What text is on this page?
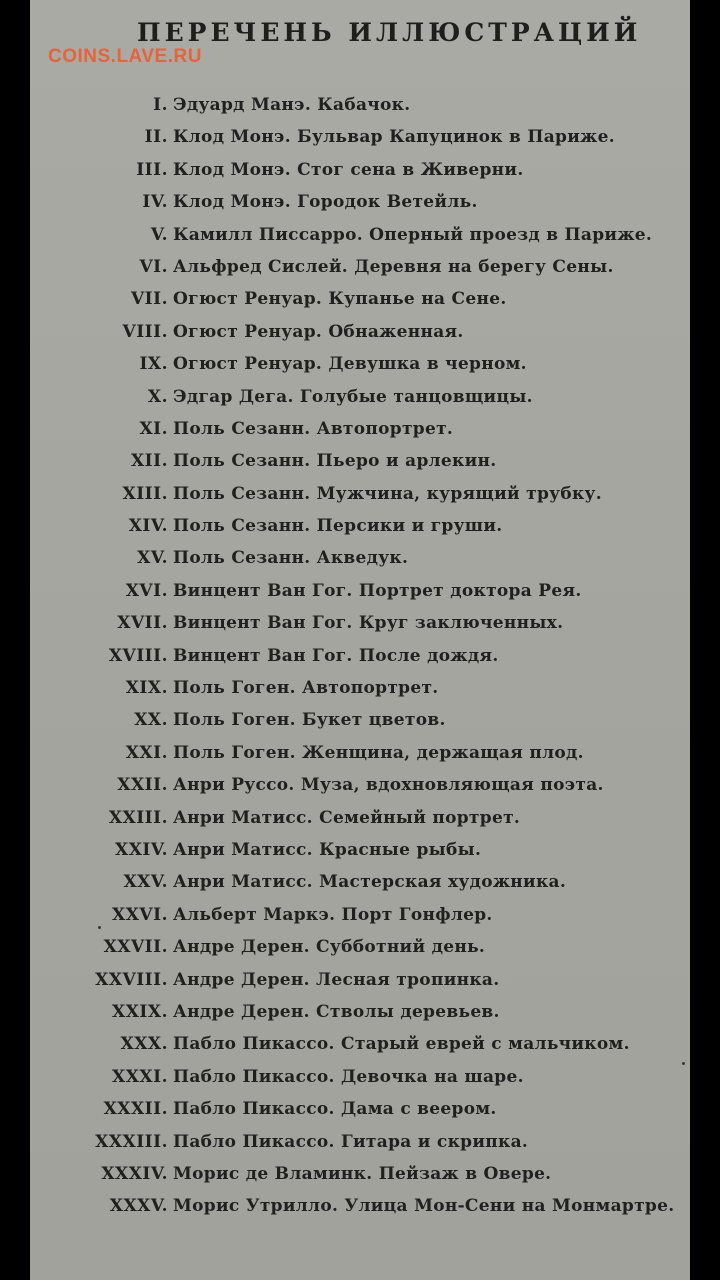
COINS.LAVE.RU
ПЕРЕЧЕНЬ ИЛЛЮСТРАЦИЙ
I. Эдуард Манэ. Кабачок.
II. Клод Монэ. Бульвар Капуцинок в Париже.
III. Клод Монэ. Стог сена в Живерни.
IV. Клод Монэ. Городок Ветейль.
V. Камилл Писсарро. Оперный проезд в Париже.
VI. Альфред Сислей. Деревня на берегу Сены.
VII. Огюст Ренуар. Купанье на Сене.
VIII. Огюст Ренуар. Обнаженная.
IX. Огюст Ренуар. Девушка в черном.
X. Эдгар Дега. Голубые танцовщицы.
XI. Поль Сезанн. Автопортрет.
XII. Поль Сезанн. Пьеро и арлекин.
XIII. Поль Сезанн. Мужчина, курящий трубку.
XIV. Поль Сезанн. Персики и груши.
XV. Поль Сезанн. Акведук.
XVI. Винцент Ван Гог. Портрет доктора Рея.
XVII. Винцент Ван Гог. Круг заключенных.
XVIII. Винцент Ван Гог. После дождя.
XIX. Поль Гоген. Автопортрет.
XX. Поль Гоген. Букет цветов.
XXI. Поль Гоген. Женщина, держащая плод.
XXII. Анри Руссо. Муза, вдохновляющая поэта.
XXIII. Анри Матисс. Семейный портрет.
XXIV. Анри Матисс. Красные рыбы.
XXV. Анри Матисс. Мастерская художника.
XXVI. Альберт Маркэ. Порт Гонфлер.
XXVII. Андре Дерен. Субботний день.
XXVIII. Андре Дерен. Лесная тропинка.
XXIX. Андре Дерен. Стволы деревьев.
XXX. Пабло Пикассо. Старый еврей с мальчиком.
XXXI. Пабло Пикассо. Девочка на шаре.
XXXII. Пабло Пикассо. Дама с веером.
XXXIII. Пабло Пикассо. Гитара и скрипка.
XXXIV. Морис де Вламинк. Пейзаж в Овере.
XXXV. Морис Утрилло. Улица Мон-Сени на Монмартре.
